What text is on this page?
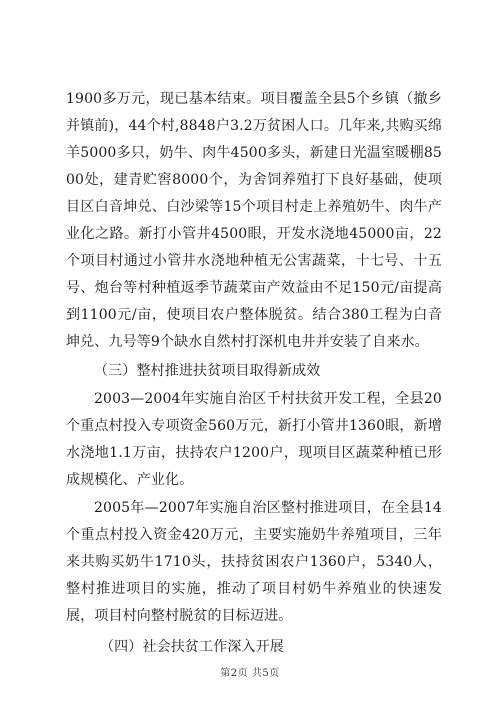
1900多万元，现已基本结束。项目覆盖全县5个乡镇（撤乡并镇前)，44个村,8848户3.2万贫困人口。几年来,共购买绵羊5000多只，奶牛、肉牛4500多头，新建日光温室暖棚8500处，建青贮窖8000个，为舍饲养殖打下良好基础，使项目区白音坤兑、白沙梁等15个项目村走上养殖奶牛、肉牛产业化之路。新打小管井4500眼，开发水浇地45000亩，22个项目村通过小管井水浇地种植无公害蔬菜，十七号、十五号、炮台等村种植返季节蔬菜亩产效益由不足150元/亩提高到1100元/亩，使项目农户整体脱贫。结合380工程为白音坤兑、九号等9个缺水自然村打深机电井并安装了自来水。

（三）整村推进扶贫项目取得新成效

2003—2004年实施自治区千村扶贫开发工程，全县20个重点村投入专项资金560万元，新打小管井1360眼，新增水浇地1.1万亩，扶持农户1200户，现项目区蔬菜种植已形成规模化、产业化。

2005年—2007年实施自治区整村推进项目，在全县14个重点村投入资金420万元，主要实施奶牛养殖项目，三年来共购买奶牛1710头，扶持贫困农户1360户，5340人，整村推进项目的实施，推动了项目村奶牛养殖业的快速发展，项目村向整村脱贫的目标迈进。

（四）社会扶贫工作深入开展

第2页 共5页
